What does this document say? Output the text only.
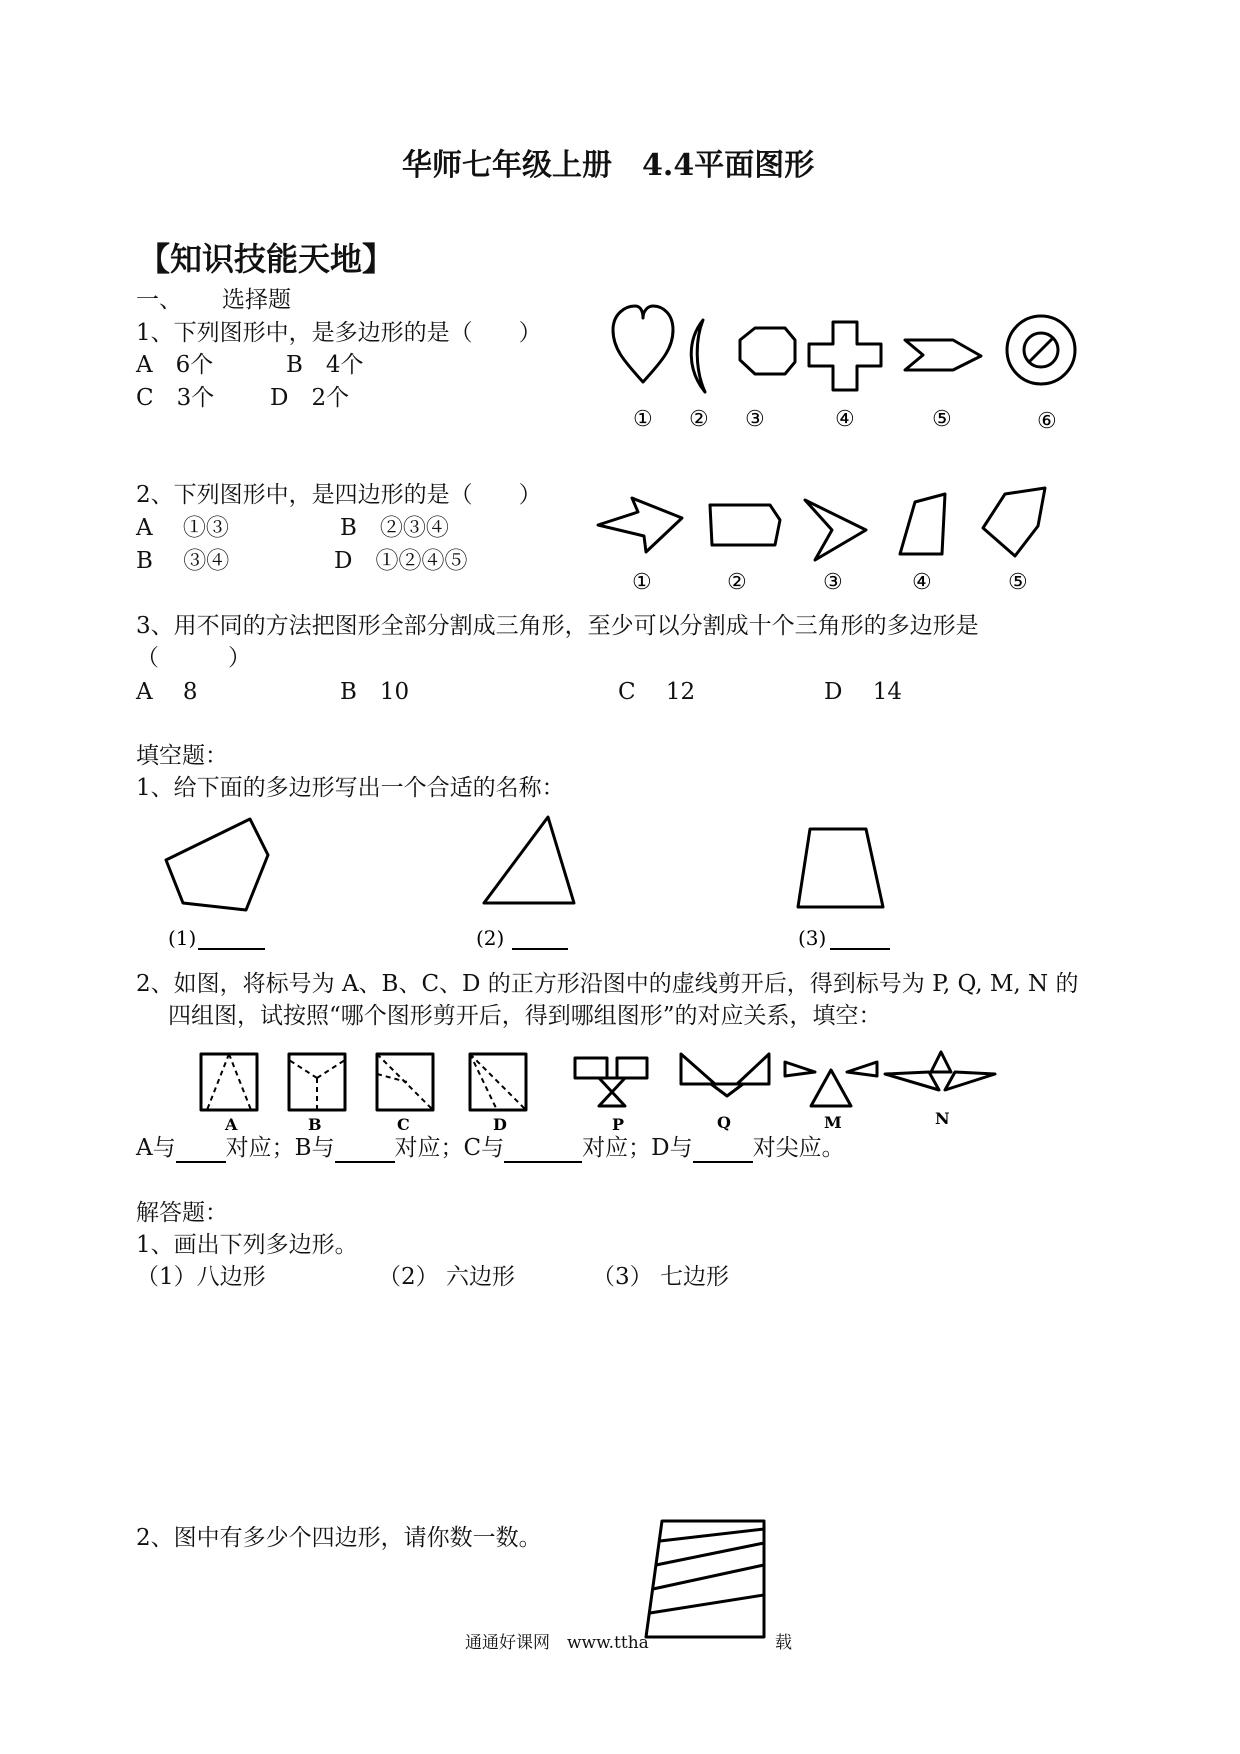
华师七年级上册　4.4平面图形
【知识技能天地】
一、 选择题
1、下列图形中，是多边形的是（　　）
A　6个	B　4个
C　3个 D　2个
① ② ③	④	⑤	⑥
2、下列图形中，是四边形的是（　　）
A　 ①③	B　②③④
B　 ③④	D　①②④⑤
①	②	③	④	⑤
3、用不同的方法把图形全部分割成三角形，至少可以分割成十个三角形的多边形是
（　　　）
A　 8	B　10	C　 12	D　 14
填空题：
1、给下面的多边形写出一个合适的名称：
(1)	(2)	(3)
2、如图，将标号为 A、B、C、D 的正方形沿图中的虚线剪开后，得到标号为 P, Q, M, N 的
四组图，试按照“哪个图形剪开后，得到哪组图形”的对应关系，填空：
A	B	C	D	P	Q	M	N
A与 对应；B与	对应；C与	对应；D与	对尖应。
解答题：
1、画出下列多边形。
（1）八边形	（2） 六边形	（3） 七边形
2、图中有多少个四边形，请你数一数。
通通好课网　www.ttha	载
